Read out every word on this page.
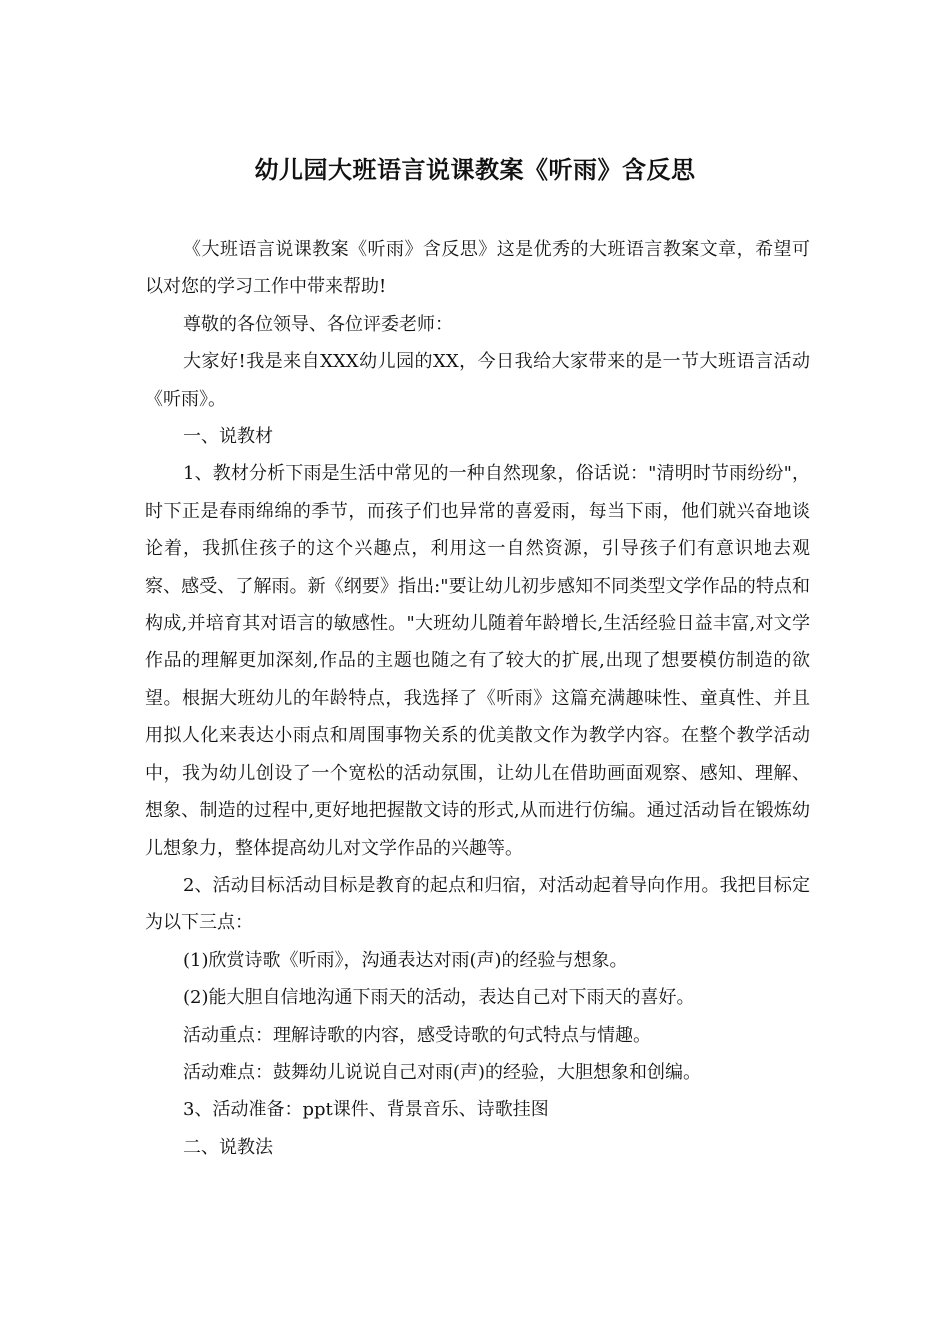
幼儿园大班语言说课教案《听雨》含反思

《大班语言说课教案《听雨》含反思》这是优秀的大班语言教案文章，希望可以对您的学习工作中带来帮助!

尊敬的各位领导、各位评委老师：

大家好!我是来自XXX幼儿园的XX，今日我给大家带来的是一节大班语言活动《听雨》。

一、说教材

1、教材分析下雨是生活中常见的一种自然现象，俗话说："清明时节雨纷纷"，时下正是春雨绵绵的季节，而孩子们也异常的喜爱雨，每当下雨，他们就兴奋地谈论着，我抓住孩子的这个兴趣点，利用这一自然资源，引导孩子们有意识地去观察、感受、了解雨。新《纲要》指出:"要让幼儿初步感知不同类型文学作品的特点和构成,并培育其对语言的敏感性。"大班幼儿随着年龄增长,生活经验日益丰富,对文学作品的理解更加深刻,作品的主题也随之有了较大的扩展,出现了想要模仿制造的欲望。根据大班幼儿的年龄特点，我选择了《听雨》这篇充满趣味性、童真性、并且用拟人化来表达小雨点和周围事物关系的优美散文作为教学内容。在整个教学活动中，我为幼儿创设了一个宽松的活动氛围，让幼儿在借助画面观察、感知、理解、想象、制造的过程中,更好地把握散文诗的形式,从而进行仿编。通过活动旨在锻炼幼儿想象力，整体提高幼儿对文学作品的兴趣等。

2、活动目标活动目标是教育的起点和归宿，对活动起着导向作用。我把目标定为以下三点：

(1)欣赏诗歌《听雨》，沟通表达对雨(声)的经验与想象。

(2)能大胆自信地沟通下雨天的活动，表达自己对下雨天的喜好。

活动重点：理解诗歌的内容，感受诗歌的句式特点与情趣。

活动难点：鼓舞幼儿说说自己对雨(声)的经验，大胆想象和创编。

3、活动准备：ppt课件、背景音乐、诗歌挂图

二、说教法
